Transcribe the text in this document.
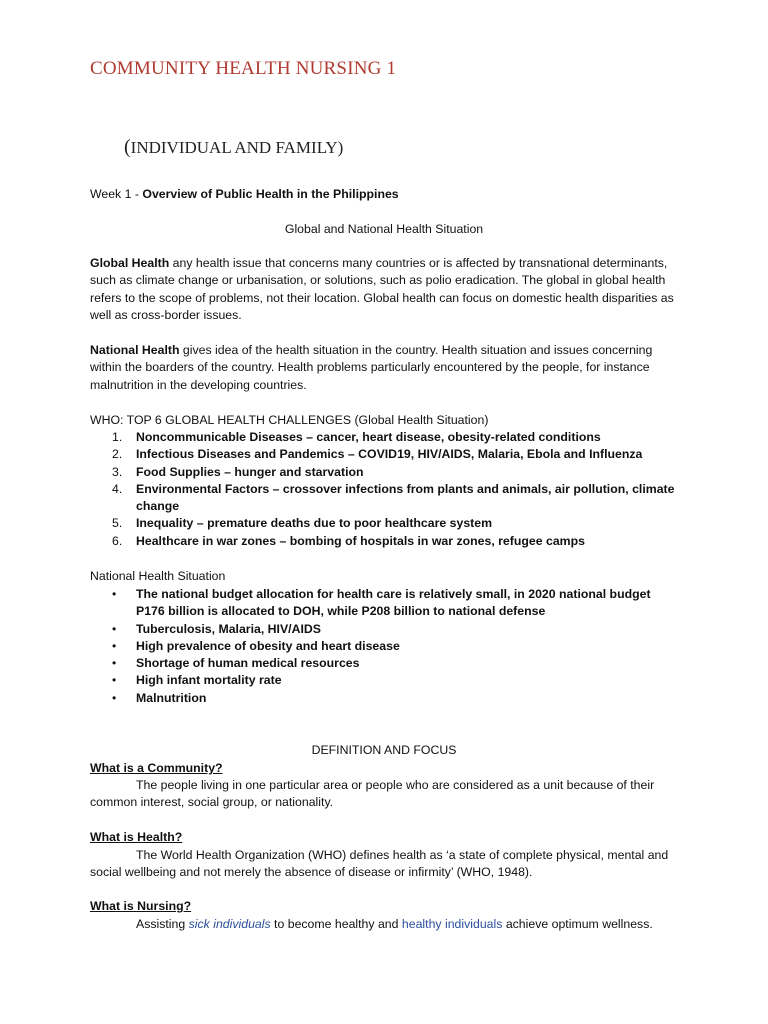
COMMUNITY HEALTH NURSING 1
(INDIVIDUAL AND FAMILY)
Week 1 - Overview of Public Health in the Philippines
Global and National Health Situation
Global Health any health issue that concerns many countries or is affected by transnational determinants, such as climate change or urbanisation, or solutions, such as polio eradication. The global in global health refers to the scope of problems, not their location. Global health can focus on domestic health disparities as well as cross-border issues.
National Health gives idea of the health situation in the country. Health situation and issues concerning within the boarders of the country. Health problems particularly encountered by the people, for instance malnutrition in the developing countries.
WHO: TOP 6 GLOBAL HEALTH CHALLENGES (Global Health Situation)
1. Noncommunicable Diseases – cancer, heart disease, obesity-related conditions
2. Infectious Diseases and Pandemics – COVID19, HIV/AIDS, Malaria, Ebola and Influenza
3. Food Supplies – hunger and starvation
4. Environmental Factors – crossover infections from plants and animals, air pollution, climate change
5. Inequality – premature deaths due to poor healthcare system
6. Healthcare in war zones – bombing of hospitals in war zones, refugee camps
National Health Situation
• The national budget allocation for health care is relatively small, in 2020 national budget P176 billion is allocated to DOH, while P208 billion to national defense
• Tuberculosis, Malaria, HIV/AIDS
• High prevalence of obesity and heart disease
• Shortage of human medical resources
• High infant mortality rate
• Malnutrition
DEFINITION AND FOCUS
What is a Community?
The people living in one particular area or people who are considered as a unit because of their common interest, social group, or nationality.
What is Health?
The World Health Organization (WHO) defines health as ‘a state of complete physical, mental and social wellbeing and not merely the absence of disease or infirmity’ (WHO, 1948).
What is Nursing?
Assisting sick individuals to become healthy and healthy individuals achieve optimum wellness.
